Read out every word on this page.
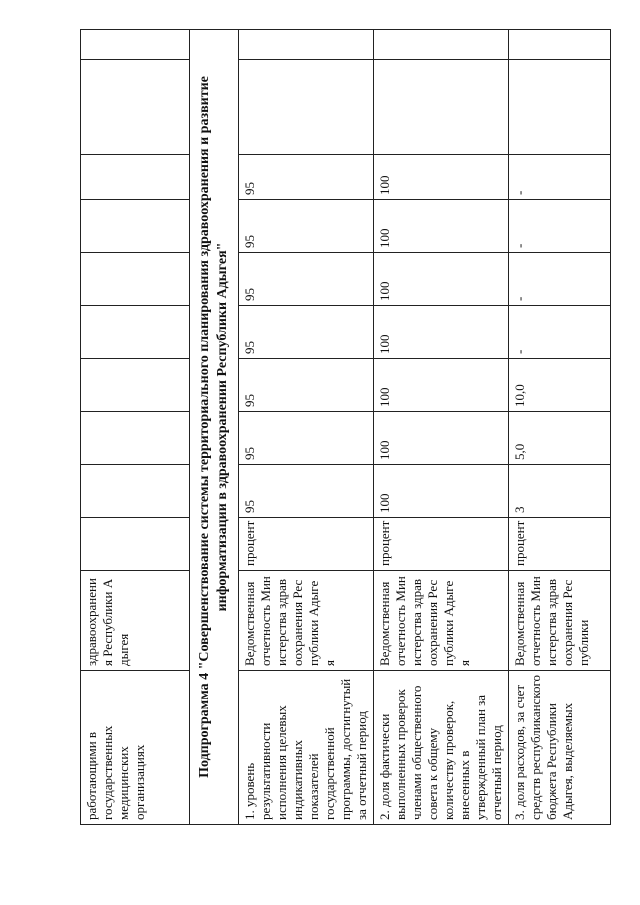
работающими в государственных медицинских организациях	здравоохранения Республики Адыгея										
Подпрограмма 4 "Совершенствование системы территориального планирования здравоохранения и развитие информатизации в здравоохранении Республики Адыгея"											
1. уровень результативности исполнения целевых индикативных показателей государственной программы, достигнутый за отчетный период	Ведомственная отчетность Министерства здравоохранения Республики Адыгея	процент	95	95	95	95	95	95	95		
2. доля фактически выполненных проверок членами общественного совета к общему количеству проверок, внесенных в утвержденный план за отчетный период	Ведомственная отчетность Министерства здравоохранения Республики Адыгея	процент	100	100	100	100	100	100	100		
3. доля расходов, за счет средств республиканского бюджета Республики Адыгея, выделяемых	Ведомственная отчетность Министерства здравоохранения Республики	процент	3	5,0	10,0	-	-	-	-		
